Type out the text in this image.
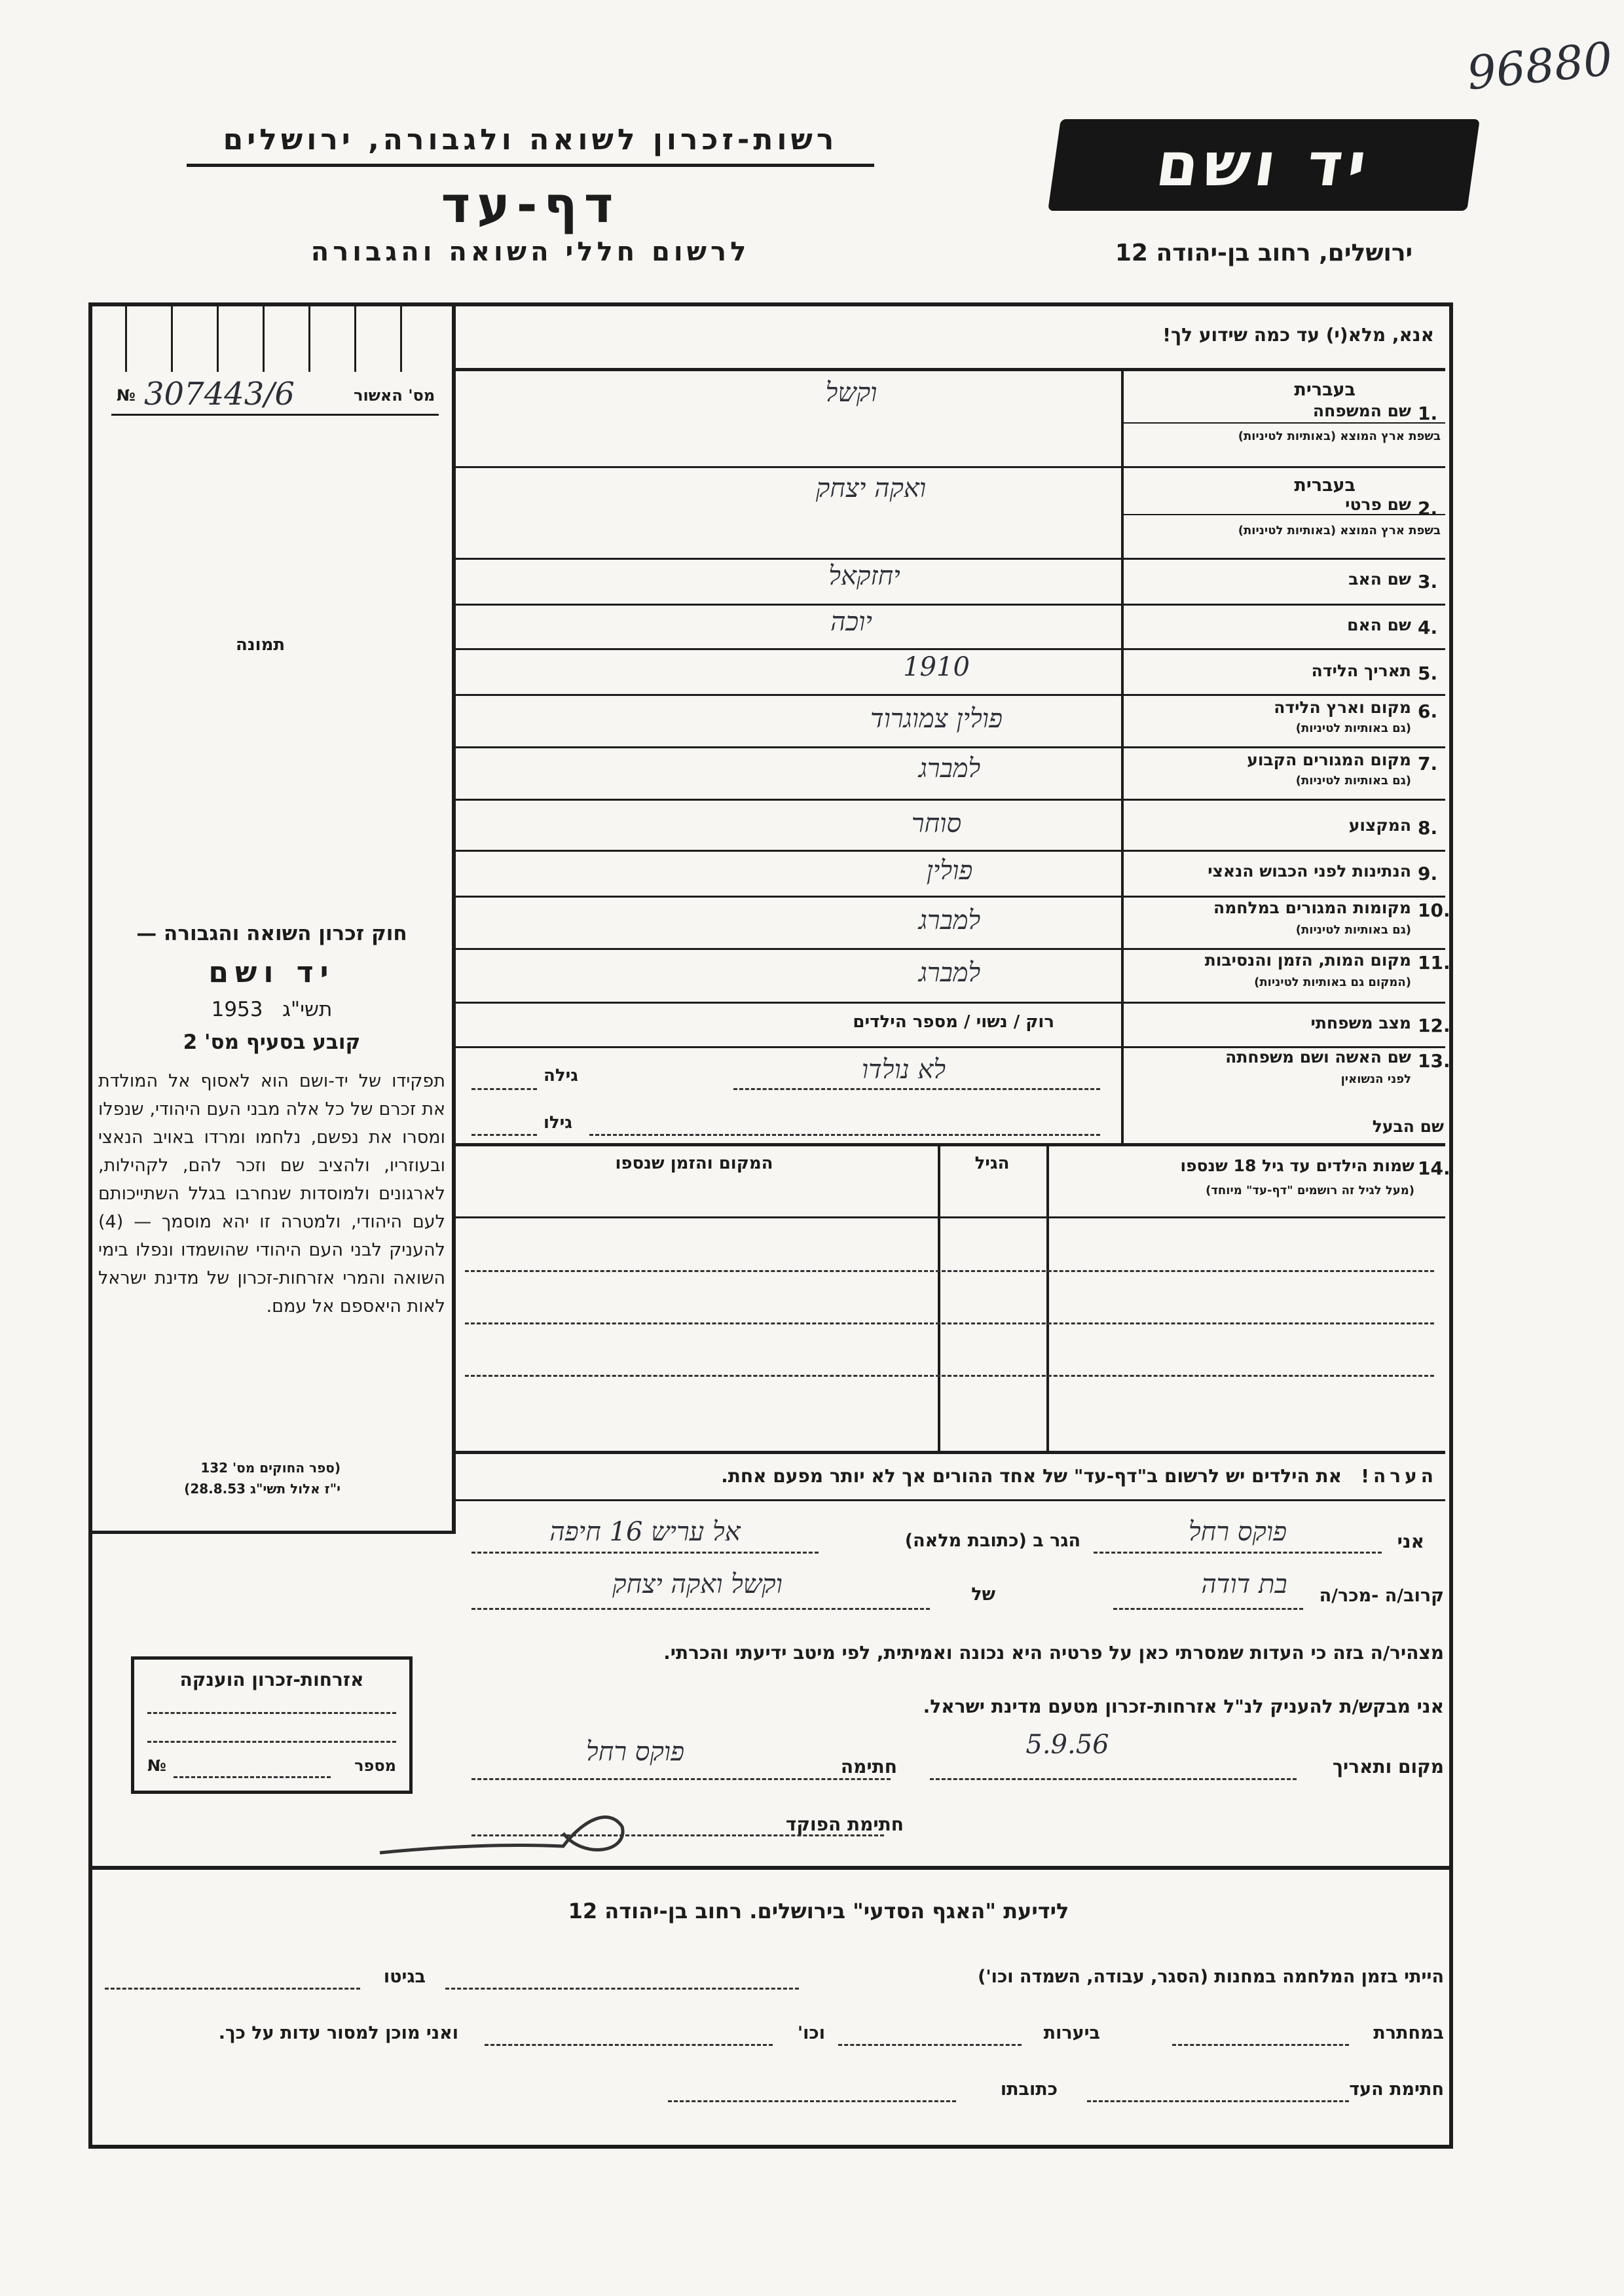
96880
רשות-זכרון לשואה ולגבורה, ירושלים
דף-עד
לרשום חללי השואה והגבורה
יד ושם
ירושלים, רחוב בן-יהודה 12
№ 307443/6	מס' האשור
תמונה
חוק זכרון השואה והגבורה —
יד ושם
1953 תשי"ג
קובע בסעיף מס' 2
תפקידו של יד-ושם הוא לאסוף אל המולדת את זכרם של כל אלה מבני העם היהודי, שנפלו ומסרו את נפשם, נלחמו ומרדו באויב הנאצי ובעוזריו, ולהציב שם וזכר להם, לקהילות, לארגונים ולמוסדות שנחרבו בגלל השתייכותם לעם היהודי, ולמטרה זו יהא מוסמך — (4) להעניק לבני העם היהודי שהושמדו ונפלו בימי השואה והמרי אזרחות-זכרון של מדינת ישראל לאות היאספם אל עמם.
(ספר החוקים מס' 132
י"ז אלול תשי"ג 28.8.53)
אנא, מלא(י) עד כמה שידוע לך!
1.
שם המשפחה
בשפת ארץ המוצא (באותיות לטיניות)
בעברית
וקשל
2.
שם פרטי
בשפת ארץ המוצא (באותיות לטיניות)
בעברית
ואקה יצחק
3.
שם האב
יחזקאל
4.
שם האם
יוכה
5.
תאריך הלידה
1910
6.
מקום וארץ הלידה
(גם באותיות לטיניות)
פולין צמוגרוד
7.
מקום המגורים הקבוע
(גם באותיות לטיניות)
למברג
8.
המקצוע
סוחר
9.
הנתינות לפני הכבוש הנאצי
פולין
10.
מקומות המגורים במלחמה
(גם באותיות לטיניות)
למברג
11.
מקום המות, הזמן והנסיבות
(המקום גם באותיות לטיניות)
למברג
12.
מצב משפחתי
רוק / נשוי / מספר הילדים
13.
שם האשה ושם משפחתה
לפני הנשואין
לא נולדו
גילה
שם הבעל
גילו
14.
שמות הילדים עד גיל 18 שנספו
(מעל לגיל זה רושמים "דף-עד" מיוחד)
הגיל
המקום והזמן שנספו
הערה!   את הילדים יש לרשום ב"דף-עד" של אחד ההורים אך לא יותר מפעם אחת.
אני
פוקס רחל
הגר ב (כתובת מלאה)
אל עריש 16 חיפה
קרוב/ה -מכר/ה
בת דודה
של
וקשל ואקה יצחק
מצהיר/ה בזה כי העדות שמסרתי כאן על פרטיה היא נכונה ואמיתית, לפי מיטב ידיעתי והכרתי.
אני מבקש/ת להעניק לנ"ל אזרחות-זכרון מטעם מדינת ישראל.
מקום ותאריך
5.9.56
חתימה
פוקס רחל
חתימת הפוקד
אזרחות-זכרון הוענקה
מספר
№
לידיעת "האגף הסדעי" בירושלים. רחוב בן-יהודה 12
הייתי בזמן המלחמה במחנות (הסגר, עבודה, השמדה וכו')
בגיטו
במחתרת
ביערות
וכו'
ואני מוכן למסור עדות על כך.
חתימת העד
כתובתו
